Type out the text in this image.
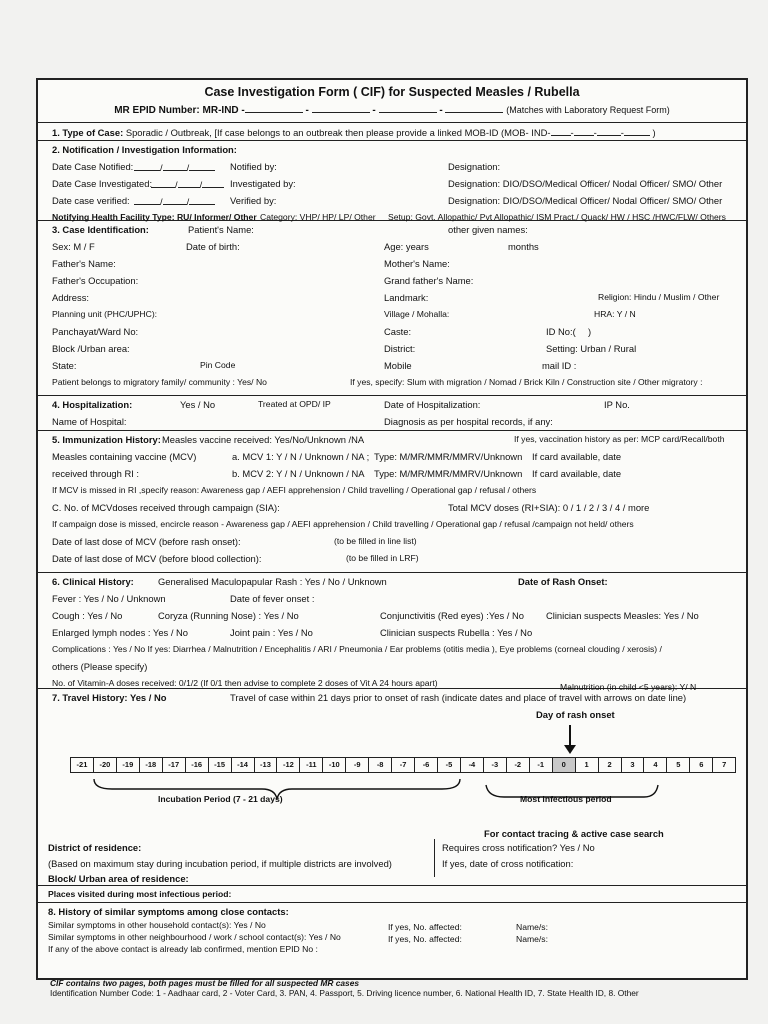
Case Investigation Form ( CIF) for Suspected Measles / Rubella
MR EPID Number: MR-IND -	-	-	-	(Matches with Laboratory Request Form)
1. Type of Case: Sporadic / Outbreak, [If case belongs to an outbreak then please provide a linked MOB-ID (MOB- IND- - -	-	)
2. Notification / Investigation Information:
Date Case Notified:	/	/	Notified by:	Designation:
Date Case Investigated:	/ /	Investigated by:	Designation: DIO/DSO/Medical Officer/ Nodal Officer/ SMO/ Other
Date case verified:	/	/	Verified by:	Designation: DIO/DSO/Medical Officer/ Nodal Officer/ SMO/ Other
Notifying Health Facility Type: RU/ Informer/ Other Category: VHP/ HP/ LP/ Other Setup: Govt. Allopathic/ Pvt Allopathic/ ISM Pract./ Quack/ HW / HSC /HWC/FLW/ Others
3. Case Identification:	Patient's Name:	other given names:
Sex: M / F	Date of birth:	Age: years	months
Father's Name:	Mother's Name:
Father's Occupation:	Grand father's Name:
Address:	Landmark:	Religion: Hindu / Muslim / Other
Planning unit (PHC/UPHC):	Village / Mohalla:	HRA: Y / N
Panchayat/Ward No:	Caste:	ID No:( )
Block /Urban area:	District:	Setting: Urban / Rural
State:	Pin Code	Mobile	mail ID :
Patient belongs to migratory family/ community : Yes/ No	If yes, specify: Slum with migration / Nomad / Brick Kiln / Construction site / Other migratory :
4. Hospitalization:	Yes / No	Treated at OPD/ IP	Date of Hospitalization:	IP No.
Name of Hospital:	Diagnosis as per hospital records, if any:
5. Immunization History: Measles vaccine received: Yes/No/Unknown /NA	If yes, vaccination history as per: MCP card/Recall/both
Measles containing vaccine (MCV)	a. MCV 1: Y / N / Unknown / NA ; Type: M/MR/MMR/MMRV/Unknown If card available, date
received through RI :	b. MCV 2: Y / N / Unknown / NA Type: M/MR/MMR/MMRV/Unknown If card available, date
If MCV is missed in RI ,specify reason: Awareness gap / AEFI apprehension / Child travelling / Operational gap / refusal / others
C. No. of MCVdoses received through campaign (SIA):	Total MCV doses (RI+SIA): 0 / 1 / 2 / 3 / 4 / more
If campaign dose is missed, encircle reason - Awareness gap / AEFI apprehension / Child travelling / Operational gap / refusal /campaign not held/ others
Date of last dose of MCV (before rash onset):	(to be filled in line list)
Date of last dose of MCV (before blood collection):	(to be filled in LRF)
6. Clinical History:	Generalised Maculopapular Rash : Yes / No / Unknown	Date of Rash Onset:
Fever : Yes / No / Unknown	Date of fever onset :
Cough : Yes / No	Coryza (Running Nose) : Yes / No	Conjunctivitis (Red eyes) :Yes / No Clinician suspects Measles: Yes / No
Enlarged lymph nodes : Yes / No	Joint pain : Yes / No	Clinician suspects Rubella : Yes / No
Complications : Yes / No If yes: Diarrhea / Malnutrition / Encephalitis / ARI / Pneumonia / Ear problems (otitis media ), Eye problems (corneal clouding / xerosis) /
others (Please specify)
No. of Vitamin-A doses received: 0/1/2 (If 0/1 then advise to complete 2 doses of Vit A 24 hours apart)	Malnutrition (in child <5 years): Y/ N
7. Travel History: Yes / No	Travel of case within 21 days prior to onset of rash (indicate dates and place of travel with arrows on date line)
Day of rash onset
-21	-20	-19	-18	-17	-16	-15	-14	-13	-12	-11	-10	-9	-8	-7	-6	-5	-4	-3	-2	-1	0	1	2	3	4	5	6	7
Incubation Period (7 - 21 days)	Most infectious period
For contact tracing & active case search
District of residence:	Requires cross notification? Yes / No
(Based on maximum stay during incubation period, if multiple districts are involved)	If yes, date of cross notification:
Block/ Urban area of residence:
Places visited during most infectious period:
8. History of similar symptoms among close contacts:
Similar symptoms in other household contact(s): Yes / No	If yes, No. affected:	Name/s:
Similar symptoms in other neighbourhood / work / school contact(s): Yes / No	If yes, No. affected:	Name/s:
If any of the above contact is already lab confirmed, mention EPID No :
CIF contains two pages, both pages must be filled for all suspected MR cases
Identification Number Code: 1 - Aadhaar card, 2 - Voter Card, 3. PAN, 4. Passport, 5. Driving licence number, 6. National Health ID, 7. State Health ID, 8. Other
